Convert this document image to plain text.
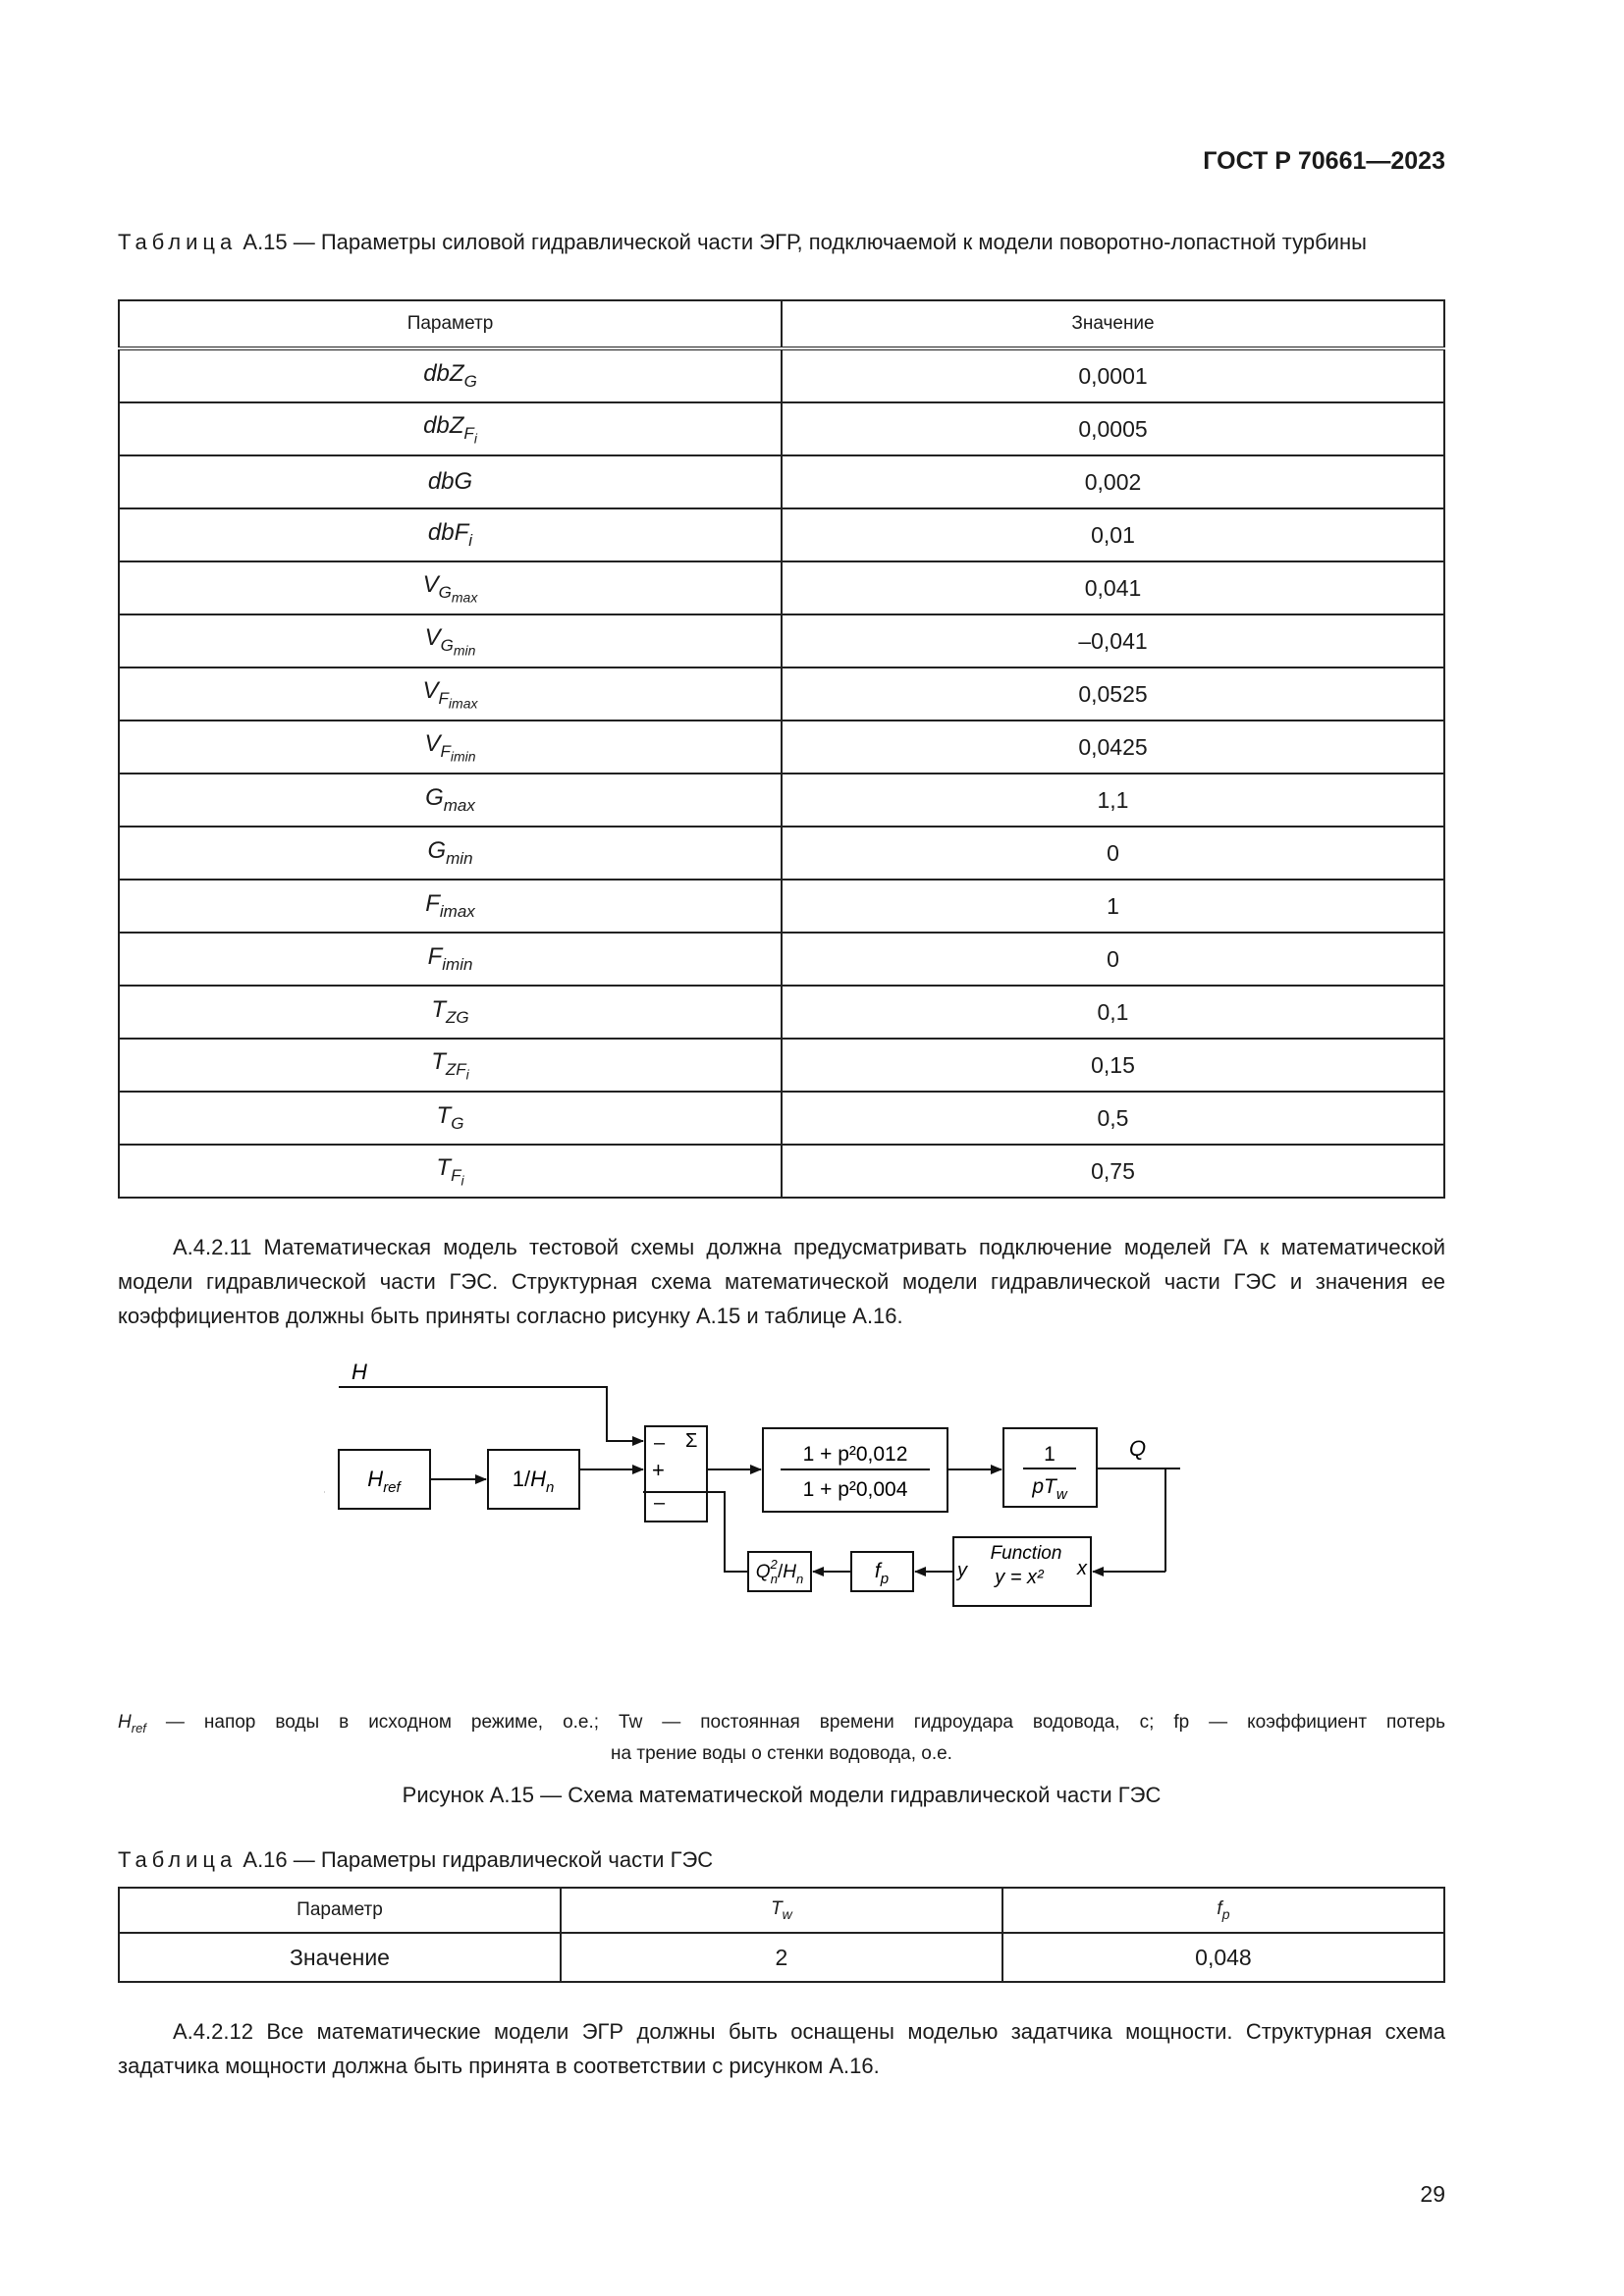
ГОСТ Р 70661—2023
Таблица А.15 — Параметры силовой гидравлической части ЭГР, подключаемой к модели поворотно-лопастной турбины
Параметр	Значение
dbZ$_G$	0,0001
dbZ$_{F_i}$	0,0005
dbG	0,002
dbF$_i$	0,01
$V_{G_{max}}$	0,041
$V_{G_{min}}$	–0,041
$V_{F_{imax}}$	0,0525
$V_{F_{imin}}$	0,0425
$G_{max}$	1,1
$G_{min}$	0
$F_{imax}$	1
$F_{imin}$	0
$T_{ZG}$	0,1
$T_{ZF_i}$	0,15
$T_G$	0,5
$T_{F_i}$	0,75

А.4.2.11 Математическая модель тестовой схемы должна предусматривать подключение моделей ГА к математической модели гидравлической части ГЭС. Структурная схема математической модели гидравлической части ГЭС и значения ее коэффициентов должны быть приняты согласно рисунку А.15 и таблице А.16.

H
$H_{ref}$	$1/H_n$
Σ
–
+
–
1 + p²0,012
1 + p²0,004
1
$pT_w$
Q
Function
y = x² x
y
$f_p$
$Q^2$ $n/H_n$
$H_{ref}$ — напор воды в исходном режиме, о.е.; Tw — постоянная времени гидроудара водовода, с; fp — коэффициент потерь
на трение воды о стенки водовода, о.е.
Рисунок А.15 — Схема математической модели гидравлической части ГЭС
Таблица А.16 — Параметры гидравлической части ГЭС
Параметр	$T_w$	$f_p$
Значение	2	0,048

А.4.2.12 Все математические модели ЭГР должны быть оснащены моделью задатчика мощности. Структурная схема задатчика мощности должна быть принята в соответствии с рисунком А.16.

29
